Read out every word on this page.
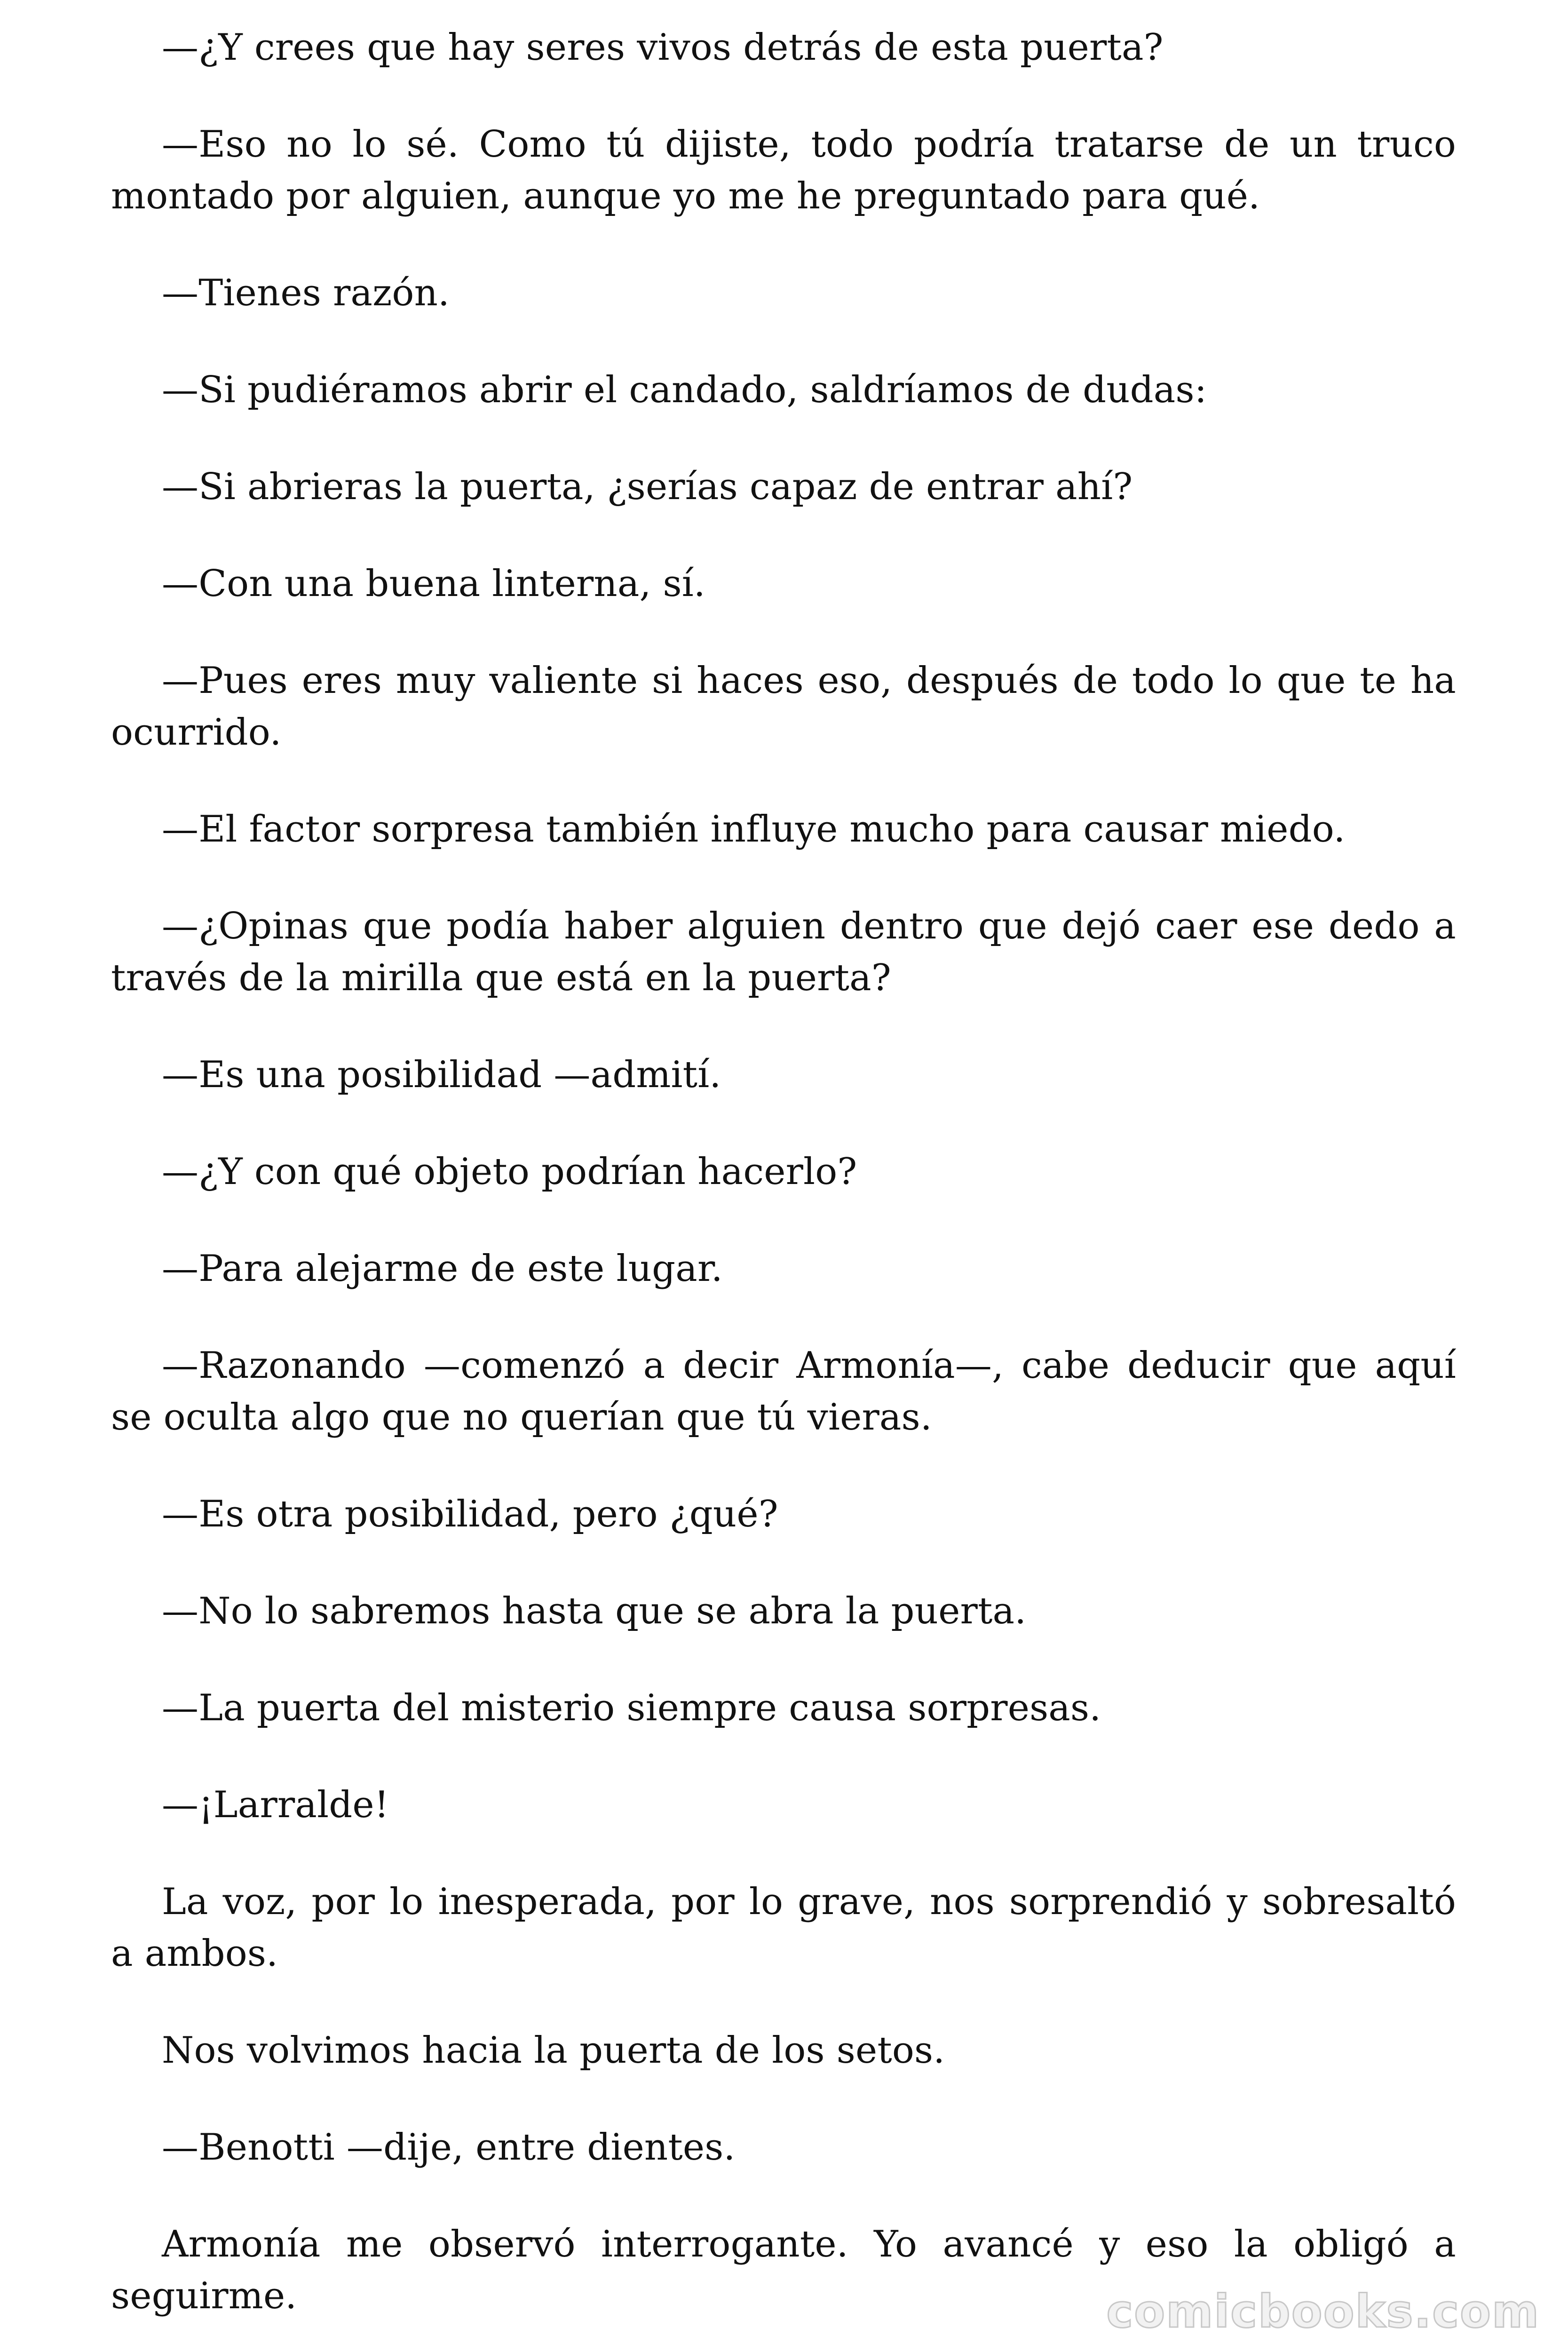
—¿Y crees que hay seres vivos detrás de esta puerta?

—Eso no lo sé. Como tú dijiste, todo podría tratarse de un truco montado por alguien, aunque yo me he preguntado para qué.

—Tienes razón.

—Si pudiéramos abrir el candado, saldríamos de dudas:

—Si abrieras la puerta, ¿serías capaz de entrar ahí?

—Con una buena linterna, sí.

—Pues eres muy valiente si haces eso, después de todo lo que te ha ocurrido.

—El factor sorpresa también influye mucho para causar miedo.

—¿Opinas que podía haber alguien dentro que dejó caer ese dedo a través de la mirilla que está en la puerta?

—Es una posibilidad —admití.

—¿Y con qué objeto podrían hacerlo?

—Para alejarme de este lugar.

—Razonando —comenzó a decir Armonía—, cabe deducir que aquí se oculta algo que no querían que tú vieras.

—Es otra posibilidad, pero ¿qué?

—No lo sabremos hasta que se abra la puerta.

—La puerta del misterio siempre causa sorpresas.

—¡Larralde!

La voz, por lo inesperada, por lo grave, nos sorprendió y sobresaltó a ambos.

Nos volvimos hacia la puerta de los setos.

—Benotti —dije, entre dientes.

Armonía me observó interrogante. Yo avancé y eso la obligó a seguirme.	comicbooks.com
